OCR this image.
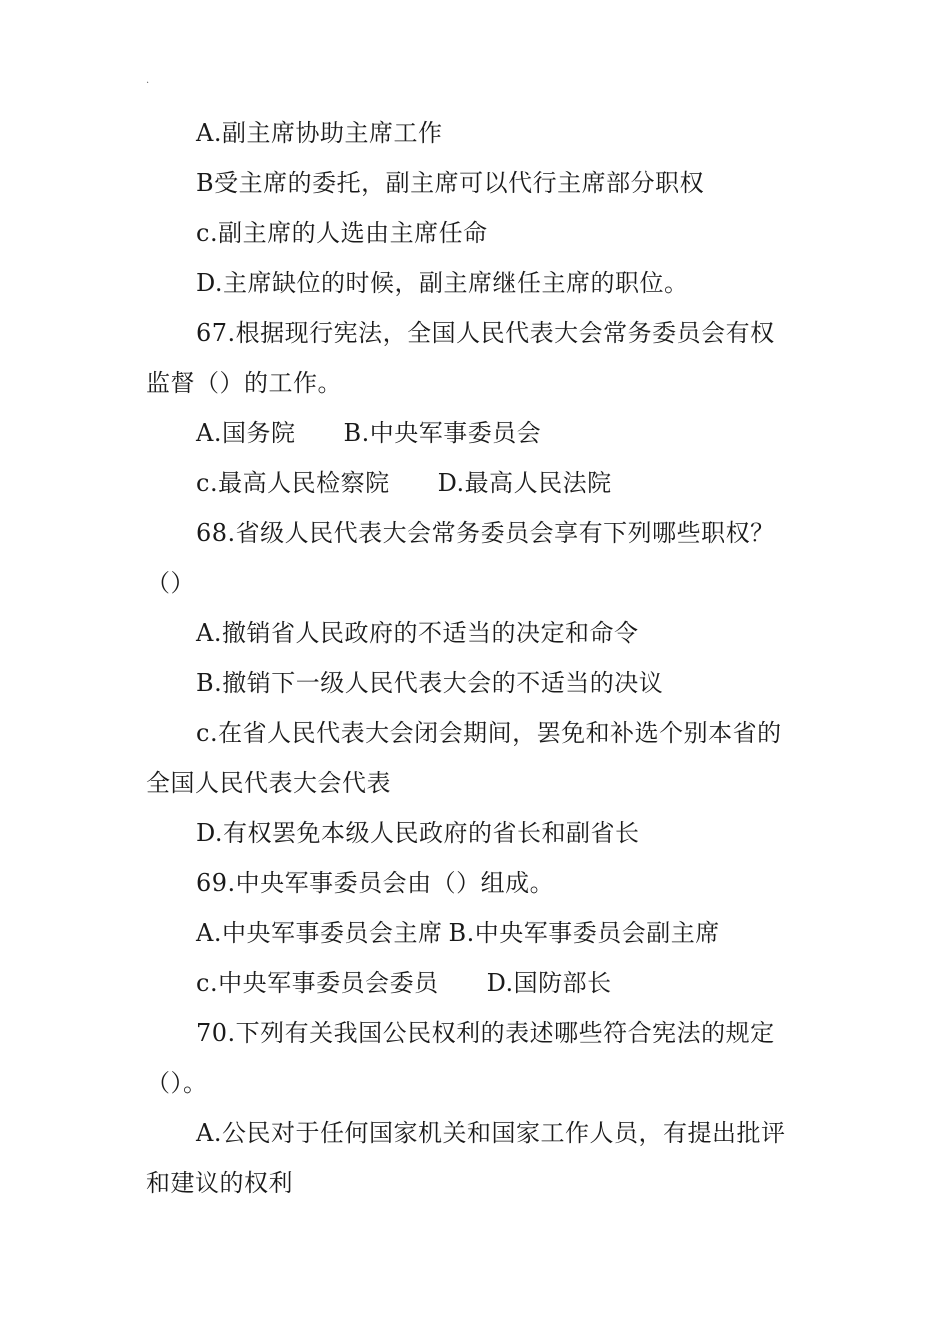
.
A.副主席协助主席工作
B受主席的委托，副主席可以代行主席部分职权
c.副主席的人选由主席任命
D.主席缺位的时候，副主席继任主席的职位。
67.根据现行宪法，全国人民代表大会常务委员会有权
监督（）的工作。
A.国务院 B.中央军事委员会
c.最高人民检察院 D.最高人民法院
68.省级人民代表大会常务委员会享有下列哪些职权？
（）
A.撤销省人民政府的不适当的决定和命令
B.撤销下一级人民代表大会的不适当的决议
c.在省人民代表大会闭会期间，罢免和补选个别本省的
全国人民代表大会代表
D.有权罢免本级人民政府的省长和副省长
69.中央军事委员会由（）组成。
A.中央军事委员会主席 B.中央军事委员会副主席
c.中央军事委员会委员 D.国防部长
70.下列有关我国公民权利的表述哪些符合宪法的规定
（）。
A.公民对于任何国家机关和国家工作人员，有提出批评
和建议的权利
